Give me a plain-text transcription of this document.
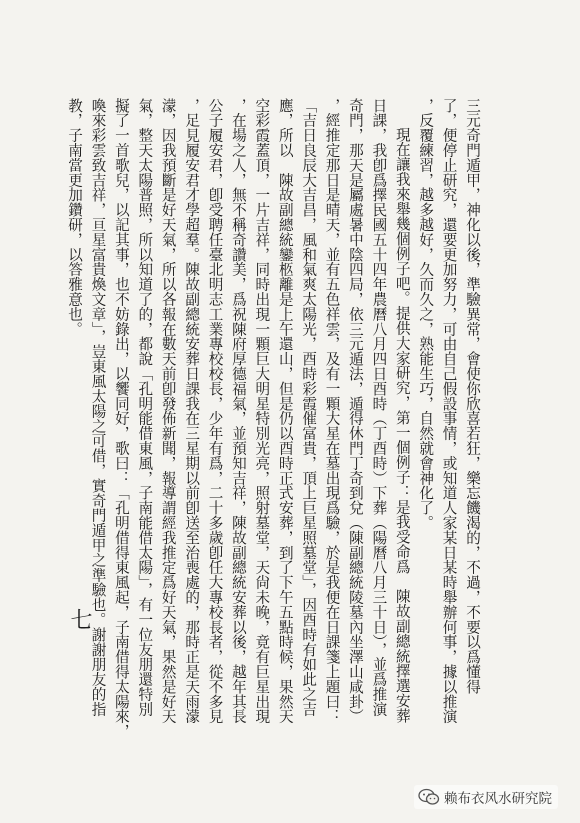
三元奇門遁甲，神化以後，準驗異常，會使你欣喜若狂，樂忘饑渴的，不過，不要以爲懂得
了，便停止研究，還要更加努力，可由自己假設事情，或知道人家某日某時舉辦何事，據以推演
，反覆練習，越多越好，久而久之，熟能生巧，自然就會神化了。
現在讓我來舉幾個例子吧。提供大家研究，第一個例子：是我受命爲　陳故副總統擇選安葬
日課，我卽爲擇民國五十四年農曆八月四日酉時（丁酉時）下葬（陽曆八月三十日），並爲推演
奇門，那天是屬處暑中陰四局，依三元遁法，遁得休門丁奇到兌（陳副總統陵墓內坐澤山咸卦）
，經推定那日是晴天，並有五色祥雲，及有一顆大星在墓出現爲驗，於是我便在日課箋上題曰：
「吉日良辰大吉昌，風和氣爽太陽光，酉時彩霞催富貴，頂上巨星照墓堂」，因酉時有如此之吉
應，所以　陳故副總統鑾柩離是上午還山，但是仍以酉時正式安葬，到了下午五點時候，果然天
空彩霞蓋頂，一片吉祥，同時出現一顆巨大明星特別光亮，照射墓堂，天尙未晚，竟有巨星出現
，在場之人，無不稱奇讚美，爲祝陳府厚德福氣，並預知吉祥，陳故副總統安葬以後，越年其長
公子履安君，卽受聘任臺北明志工業專校校長，少年有爲，二十多歲卽任大專校長者，從不多見
，足見履安君才學超羣。陳故副總統安葬日課我在三星期以前卽送至治喪處的，那時正是天雨濛
濛，因我預斷是好天氣，所以各報在數天前卽發佈新聞，報導謂經我推定爲好天氣，果然是好天
氣，整天太陽普照，所以知道了的，都說「孔明能借東風，子南能借太陽」，有一位友朋還特別
擬了一首歌兒，以記其事，也不妨錄出，以饗同好，歌曰：「孔明借得東風起，子南借得太陽來，
喚來彩雲致吉祥，亘星富貴煥文章」，豈東風太陽之可借，實奇門遁甲之準驗也。謝謝朋友的指
教，子南當更加鑽研，以答雅意也。
七
赖布衣风水研究院
